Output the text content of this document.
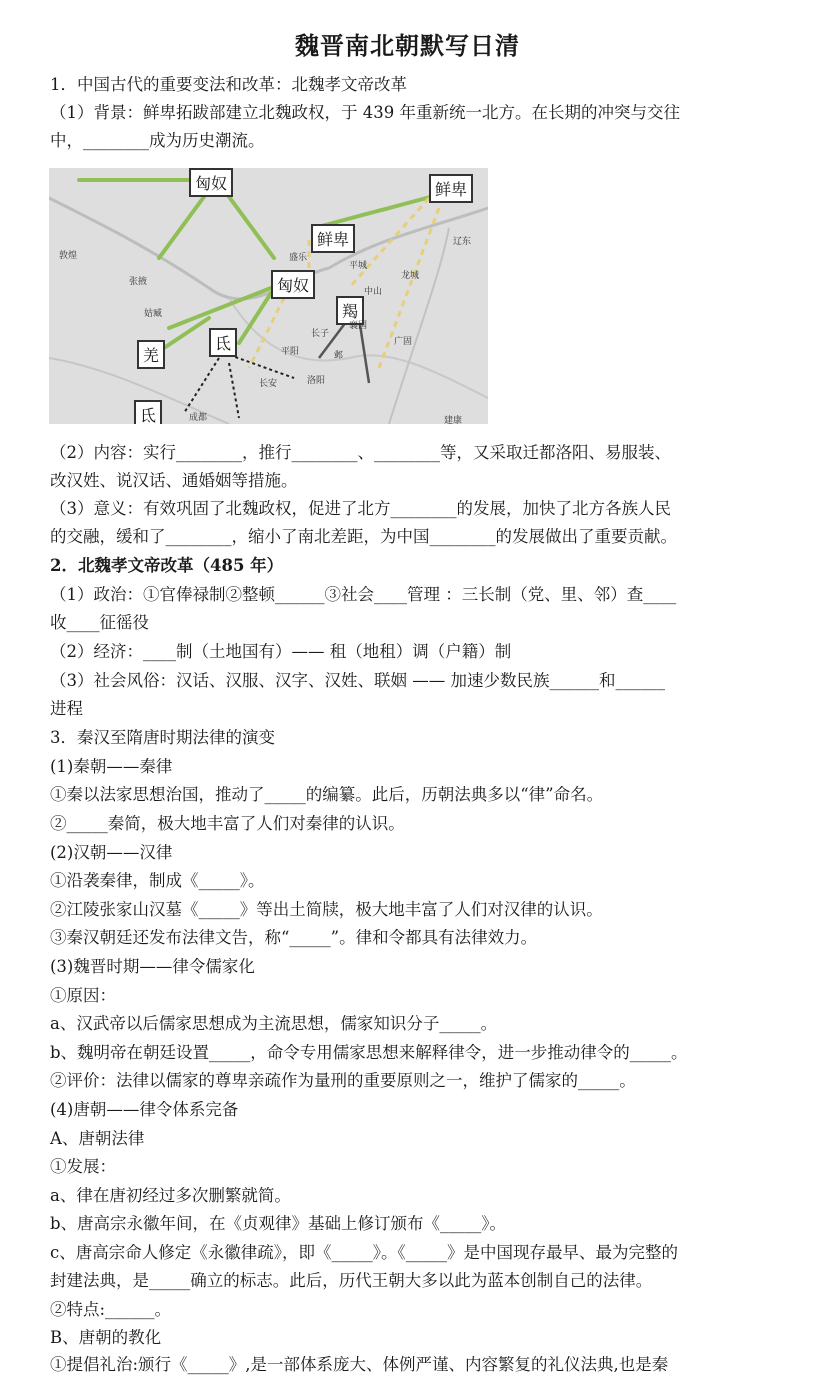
魏晋南北朝默写日清
1．中国古代的重要变法和改革：北魏孝文帝改革
（1）背景：鲜卑拓跋部建立北魏政权，于 439 年重新统一北方。在长期的冲突与交往
中，________成为历史潮流。
匈奴	鲜卑
鲜卑
匈奴
羯
氐
羌
氐
敦煌
张掖
姑臧
盛乐
平城
中山
龙城
辽东
长子
襄国
广固
平阳	邺
长安	洛阳
成都	建康
（2）内容：实行________，推行________、________等，又采取迁都洛阳、易服装、
改汉姓、说汉话、通婚姻等措施。
（3）意义：有效巩固了北魏政权，促进了北方________的发展，加快了北方各族人民
的交融，缓和了________，缩小了南北差距，为中国________的发展做出了重要贡献。
2．北魏孝文帝改革（485 年）
（1）政治：①官俸禄制②整顿______③社会____管理 ：三长制（党、里、邻）查____
收____征徭役
（2）经济：____制（土地国有）—— 租（地租）调（户籍）制
（3）社会风俗：汉话、汉服、汉字、汉姓、联姻 —— 加速少数民族______和______
进程
3．秦汉至隋唐时期法律的演变
(1)秦朝——秦律
①秦以法家思想治国，推动了_____的编纂。此后，历朝法典多以“律”命名。
②_____秦简，极大地丰富了人们对秦律的认识。
(2)汉朝——汉律
①沿袭秦律，制成《_____》。
②江陵张家山汉墓《_____》等出土简牍，极大地丰富了人们对汉律的认识。
③秦汉朝廷还发布法律文告，称“_____”。律和令都具有法律效力。
(3)魏晋时期——律令儒家化
①原因：
a、汉武帝以后儒家思想成为主流思想，儒家知识分子_____。
b、魏明帝在朝廷设置_____，命令专用儒家思想来解释律令，进一步推动律令的_____。
②评价：法律以儒家的尊卑亲疏作为量刑的重要原则之一，维护了儒家的_____。
(4)唐朝——律令体系完备
A、唐朝法律
①发展：
a、律在唐初经过多次删繁就简。
b、唐高宗永徽年间，在《贞观律》基础上修订颁布《_____》。
c、唐高宗命人修定《永徽律疏》，即《_____》。《_____》是中国现存最早、最为完整的
封建法典，是_____确立的标志。此后，历代王朝大多以此为蓝本创制自己的法律。
②特点:______。
B、唐朝的教化
①提倡礼治:颁行《_____》,是一部体系庞大、体例严谨、内容繁复的礼仪法典,也是秦
